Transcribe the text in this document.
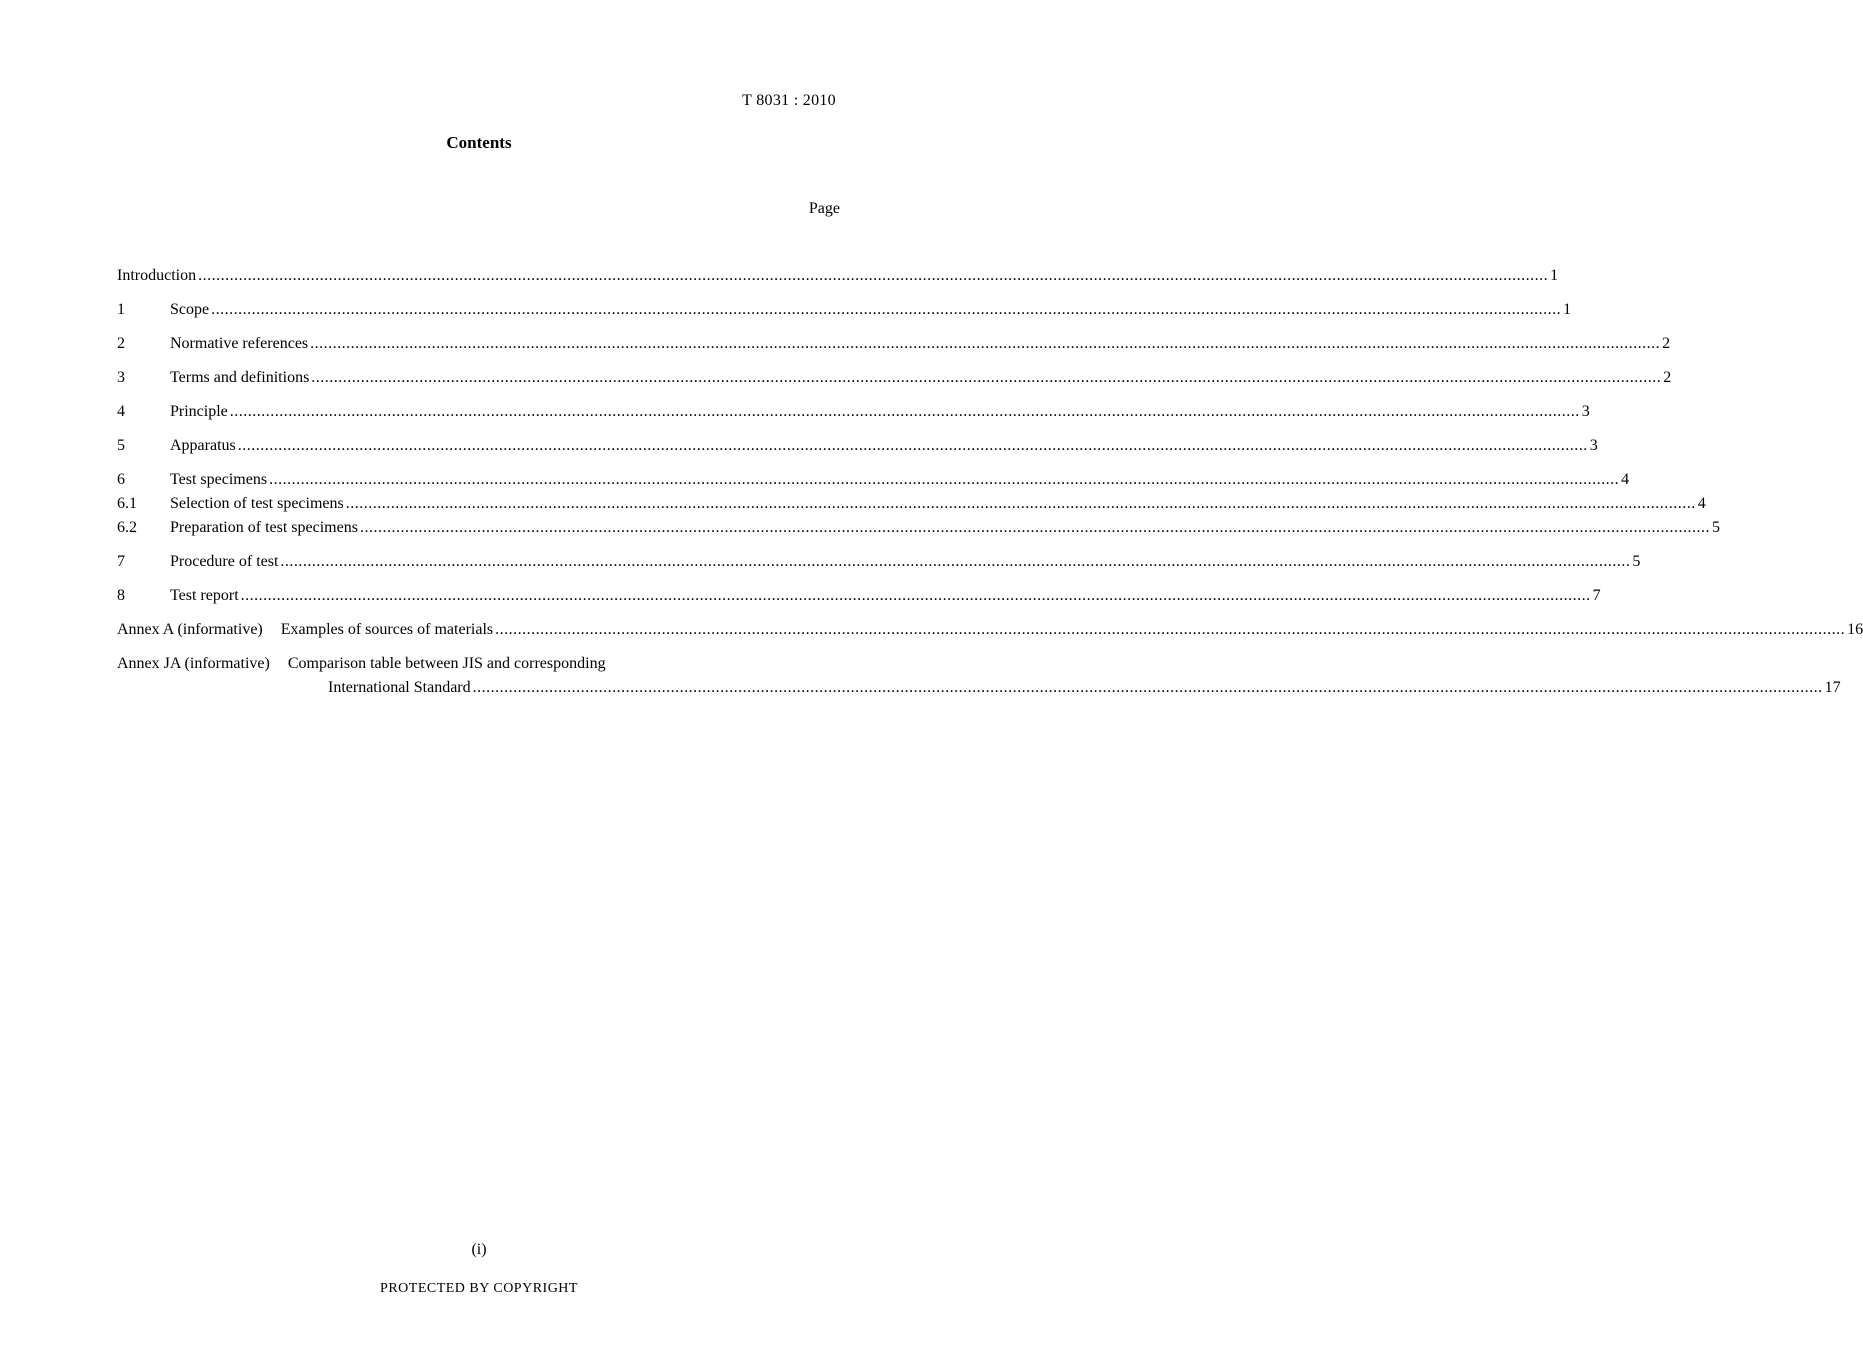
T 8031 : 2010
Contents
Page
Introduction ............................................................................................................................................................................................................................................................................................................ 1
1	Scope ............................................................................................................................................................................................................................................................................................................ 1
2	Normative references ............................................................................................................................................................................................................................................................................................................ 2
3	Terms and definitions ............................................................................................................................................................................................................................................................................................................ 2
4	Principle ............................................................................................................................................................................................................................................................................................................ 3
5	Apparatus ............................................................................................................................................................................................................................................................................................................ 3
6	Test specimens ............................................................................................................................................................................................................................................................................................................ 4
6.1	Selection of test specimens ............................................................................................................................................................................................................................................................................................................ 4
6.2	Preparation of test specimens ............................................................................................................................................................................................................................................................................................................ 5
7	Procedure of test ............................................................................................................................................................................................................................................................................................................ 5
8	Test report ............................................................................................................................................................................................................................................................................................................ 7
Annex A (informative) Examples of sources of materials ............................................................................................................................................................................................................................................................................................................ 16
Annex JA (informative) Comparison table between JIS and corresponding
International Standard ............................................................................................................................................................................................................................................................................................................ 17
(i)
PROTECTED BY COPYRIGHT
